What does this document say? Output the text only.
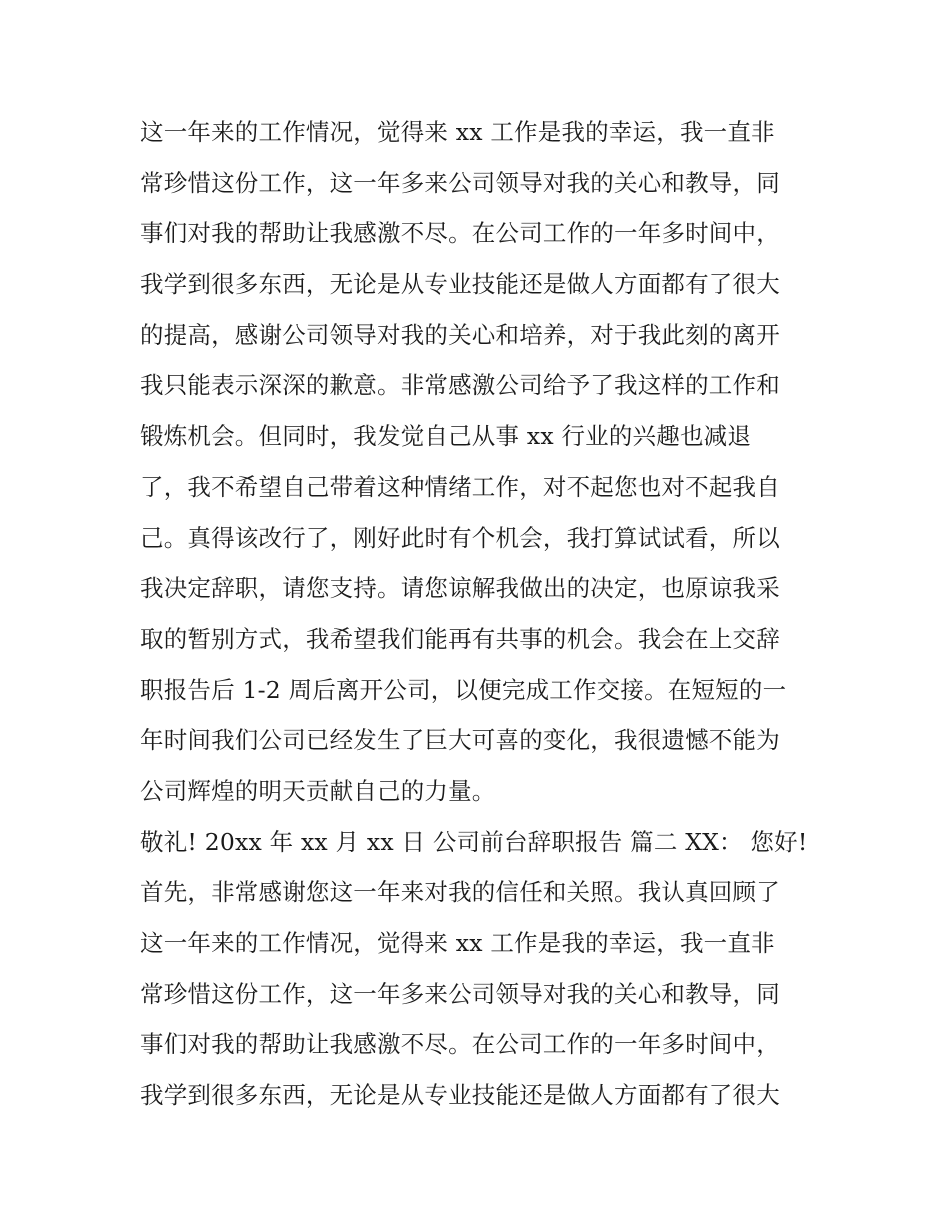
这一年来的工作情况，觉得来 xx 工作是我的幸运，我一直非
常珍惜这份工作，这一年多来公司领导对我的关心和教导，同
事们对我的帮助让我感激不尽。在公司工作的一年多时间中，
我学到很多东西，无论是从专业技能还是做人方面都有了很大
的提高，感谢公司领导对我的关心和培养，对于我此刻的离开
我只能表示深深的歉意。非常感激公司给予了我这样的工作和
锻炼机会。但同时，我发觉自己从事 xx 行业的兴趣也减退
了，我不希望自己带着这种情绪工作，对不起您也对不起我自
己。真得该改行了，刚好此时有个机会，我打算试试看，所以
我决定辞职，请您支持。请您谅解我做出的决定，也原谅我采
取的暂别方式，我希望我们能再有共事的机会。我会在上交辞
职报告后 1-2 周后离开公司，以便完成工作交接。在短短的一
年时间我们公司已经发生了巨大可喜的变化，我很遗憾不能为
公司辉煌的明天贡献自己的力量。
敬礼! 20xx 年 xx 月 xx 日 公司前台辞职报告 篇二 XX： 您好!
首先，非常感谢您这一年来对我的信任和关照。我认真回顾了
这一年来的工作情况，觉得来 xx 工作是我的幸运，我一直非
常珍惜这份工作，这一年多来公司领导对我的关心和教导，同
事们对我的帮助让我感激不尽。在公司工作的一年多时间中，
我学到很多东西，无论是从专业技能还是做人方面都有了很大
